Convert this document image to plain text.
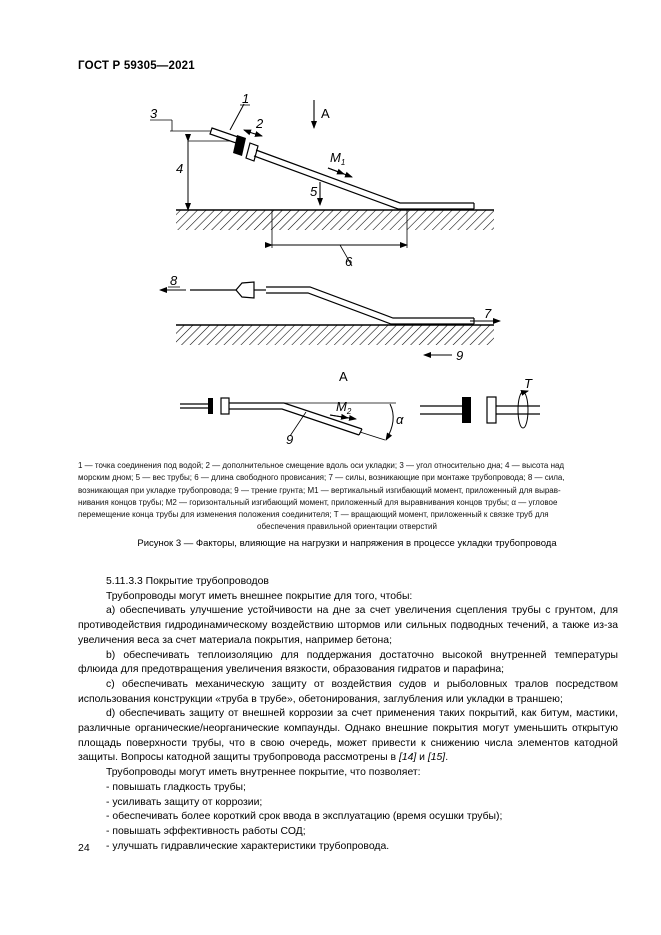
ГОСТ Р 59305—2021
1
2
3
4
5
6
$M_1$
А
8
7
9
А
α
$M_2$
9
T
1 — точка соединения под водой; 2 — дополнительное смещение вдоль оси укладки; 3 — угол относительно дна; 4 — высота над
морским дном; 5 — вес трубы; 6 — длина свободного провисания; 7 — силы, возникающие при монтаже трубопровода; 8 — сила,
возникающая при укладке трубопровода; 9 — трение грунта; M1 — вертикальный изгибающий момент, приложенный для вырав-
нивания концов трубы; M2 — горизонтальный изгибающий момент, приложенный для выравнивания концов трубы; α — угловое
перемещение конца трубы для изменения положения соединителя; T — вращающий момент, приложенный к связке труб для
обеспечения правильной ориентации отверстий
Рисунок 3 — Факторы, влияющие на нагрузки и напряжения в процессе укладки трубопровода

5.11.3.3 Покрытие трубопроводов

Трубопроводы могут иметь внешнее покрытие для того, чтобы:

a) обеспечивать улучшение устойчивости на дне за счет увеличения сцепления трубы с грунтом, для противодействия гидродинамическому воздействию штормов или сильных подводных течений, а также из-за увеличения веса за счет материала покрытия, например бетона;

b) обеспечивать теплоизоляцию для поддержания достаточно высокой внутренней температуры флюида для предотвращения увеличения вязкости, образования гидратов и парафина;

c) обеспечивать механическую защиту от воздействия судов и рыболовных тралов посредством использования конструкции «труба в трубе», обетонирования, заглубления или укладки в траншею;

d) обеспечивать защиту от внешней коррозии за счет применения таких покрытий, как битум, мастики, различные органические/неорганические компаунды. Однако внешние покрытия могут уменьшить открытую площадь поверхности трубы, что в свою очередь, может привести к снижению числа элементов катодной защиты. Вопросы катодной защиты трубопровода рассмотрены в [14] и [15].

Трубопроводы могут иметь внутреннее покрытие, что позволяет:

- повышать гладкость трубы;

- усиливать защиту от коррозии;

- обеспечивать более короткий срок ввода в эксплуатацию (время осушки трубы);

- повышать эффективность работы СОД;

- улучшать гидравлические характеристики трубопровода.

24
